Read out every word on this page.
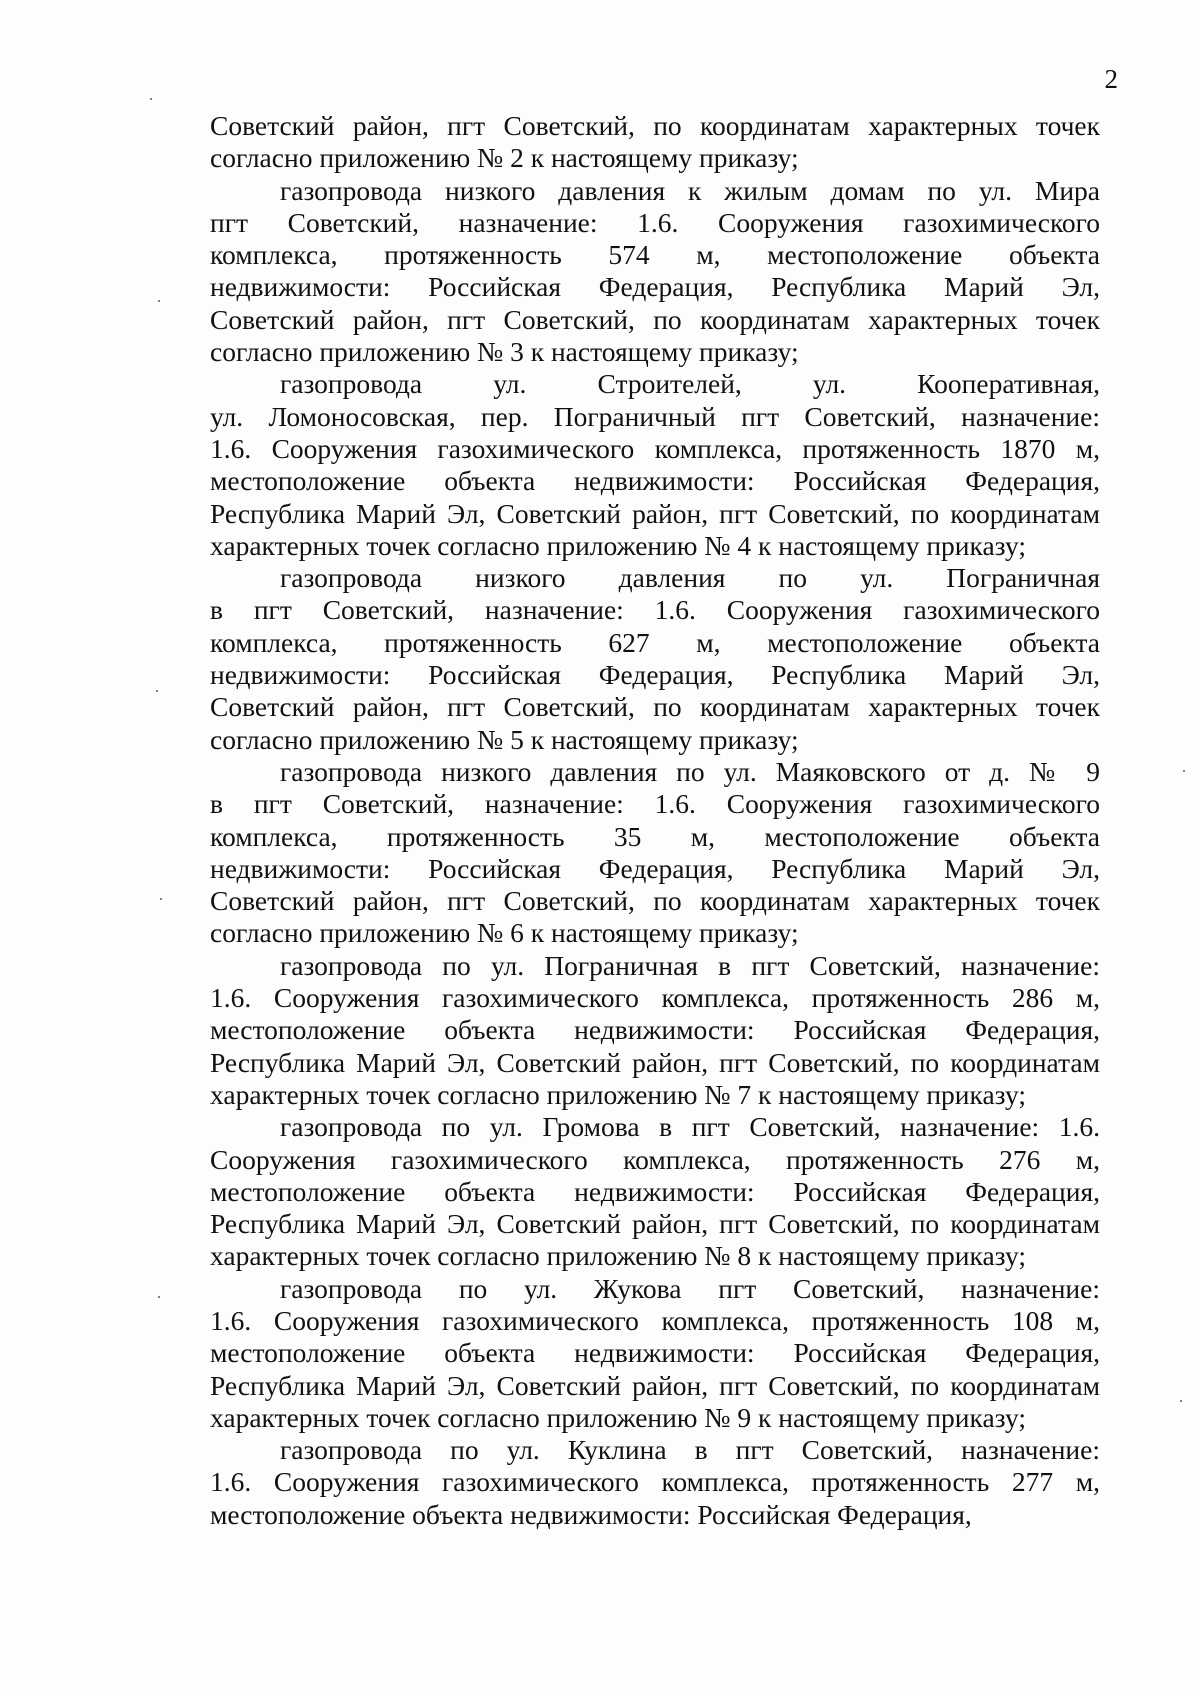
2
Советский район, пгт Советский, по координатам характерных точек
согласно приложению № 2 к настоящему приказу;
газопровода низкого давления к жилым домам по ул. Мира
пгт Советский, назначение: 1.6. Сооружения газохимического
комплекса, протяженность 574 м, местоположение объекта
недвижимости: Российская Федерация, Республика Марий Эл,
Советский район, пгт Советский, по координатам характерных точек
согласно приложению № 3 к настоящему приказу;
газопровода ул. Строителей, ул. Кооперативная,
ул. Ломоносовская, пер. Пограничный пгт Советский, назначение:
1.6. Сооружения газохимического комплекса, протяженность 1870 м,
местоположение объекта недвижимости: Российская Федерация,
Республика Марий Эл, Советский район, пгт Советский, по координатам
характерных точек согласно приложению № 4 к настоящему приказу;
газопровода низкого давления по ул. Пограничная
в пгт Советский, назначение: 1.6. Сооружения газохимического
комплекса, протяженность 627 м, местоположение объекта
недвижимости: Российская Федерация, Республика Марий Эл,
Советский район, пгт Советский, по координатам характерных точек
согласно приложению № 5 к настоящему приказу;
газопровода низкого давления по ул. Маяковского от д. № 9
в пгт Советский, назначение: 1.6. Сооружения газохимического
комплекса, протяженность 35 м, местоположение объекта
недвижимости: Российская Федерация, Республика Марий Эл,
Советский район, пгт Советский, по координатам характерных точек
согласно приложению № 6 к настоящему приказу;
газопровода по ул. Пограничная в пгт Советский, назначение:
1.6. Сооружения газохимического комплекса, протяженность 286 м,
местоположение объекта недвижимости: Российская Федерация,
Республика Марий Эл, Советский район, пгт Советский, по координатам
характерных точек согласно приложению № 7 к настоящему приказу;
газопровода по ул. Громова в пгт Советский, назначение: 1.6.
Сооружения газохимического комплекса, протяженность 276 м,
местоположение объекта недвижимости: Российская Федерация,
Республика Марий Эл, Советский район, пгт Советский, по координатам
характерных точек согласно приложению № 8 к настоящему приказу;
газопровода по ул. Жукова пгт Советский, назначение:
1.6. Сооружения газохимического комплекса, протяженность 108 м,
местоположение объекта недвижимости: Российская Федерация,
Республика Марий Эл, Советский район, пгт Советский, по координатам
характерных точек согласно приложению № 9 к настоящему приказу;
газопровода по ул. Куклина в пгт Советский, назначение:
1.6. Сооружения газохимического комплекса, протяженность 277 м,
местоположение объекта недвижимости: Российская Федерация,
